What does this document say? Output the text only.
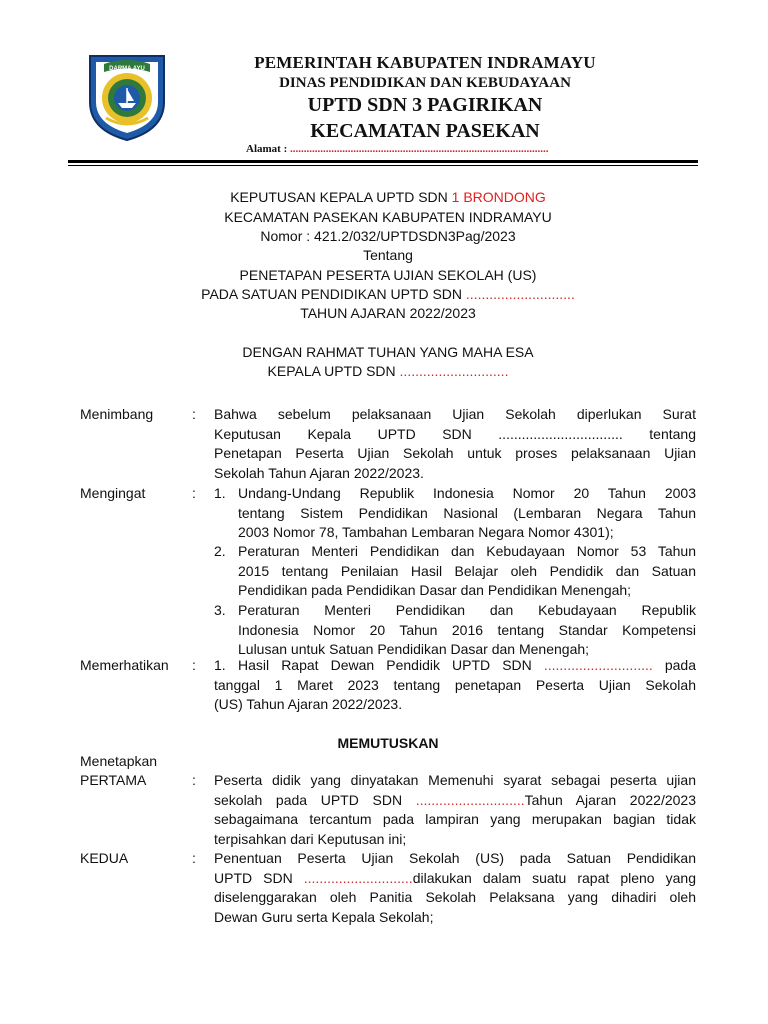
DARMA AYU	PEMERINTAH KABUPATEN INDRAMAYU
DINAS PENDIDIKAN DAN KEBUDAYAAN
UPTD SDN 3 PAGIRIKAN
KECAMATAN PASEKAN
Alamat : ..............................................................................................
KEPUTUSAN KEPALA UPTD SDN 1 BRONDONG
KECAMATAN PASEKAN KABUPATEN INDRAMAYU
Nomor : 421.2/032/UPTDSDN3Pag/2023
Tentang
PENETAPAN PESERTA UJIAN SEKOLAH (US)
PADA SATUAN PENDIDIKAN UPTD SDN ............................
TAHUN AJARAN 2022/2023
DENGAN RAHMAT TUHAN YANG MAHA ESA
KEPALA UPTD SDN ............................
Menimbang	: Bahwa sebelum pelaksanaan Ujian Sekolah diperlukan Surat
Keputusan Kepala UPTD SDN ................................ tentang
Penetapan Peserta Ujian Sekolah untuk proses pelaksanaan Ujian
Sekolah Tahun Ajaran 2022/2023.
Mengingat	: 1. Undang-Undang Republik Indonesia Nomor 20 Tahun 2003
tentang Sistem Pendidikan Nasional (Lembaran Negara Tahun
2003 Nomor 78, Tambahan Lembaran Negara Nomor 4301);
2. Peraturan Menteri Pendidikan dan Kebudayaan Nomor 53 Tahun
2015 tentang Penilaian Hasil Belajar oleh Pendidik dan Satuan
Pendidikan pada Pendidikan Dasar dan Pendidikan Menengah;
3. Peraturan Menteri Pendidikan dan Kebudayaan Republik
Indonesia Nomor 20 Tahun 2016 tentang Standar Kompetensi
Lulusan untuk Satuan Pendidikan Dasar dan Menengah;
Memerhatikan : 1. Hasil Rapat Dewan Pendidik UPTD SDN ............................ pada
tanggal 1 Maret 2023 tentang penetapan Peserta Ujian Sekolah
(US) Tahun Ajaran 2022/2023.
MEMUTUSKAN
Menetapkan
PERTAMA	: Peserta didik yang dinyatakan Memenuhi syarat sebagai peserta ujian
sekolah pada UPTD SDN ............................Tahun Ajaran 2022/2023
sebagaimana tercantum pada lampiran yang merupakan bagian tidak
terpisahkan dari Keputusan ini;
KEDUA	: Penentuan Peserta Ujian Sekolah (US) pada Satuan Pendidikan
UPTD SDN ............................dilakukan dalam suatu rapat pleno yang
diselenggarakan oleh Panitia Sekolah Pelaksana yang dihadiri oleh
Dewan Guru serta Kepala Sekolah;
